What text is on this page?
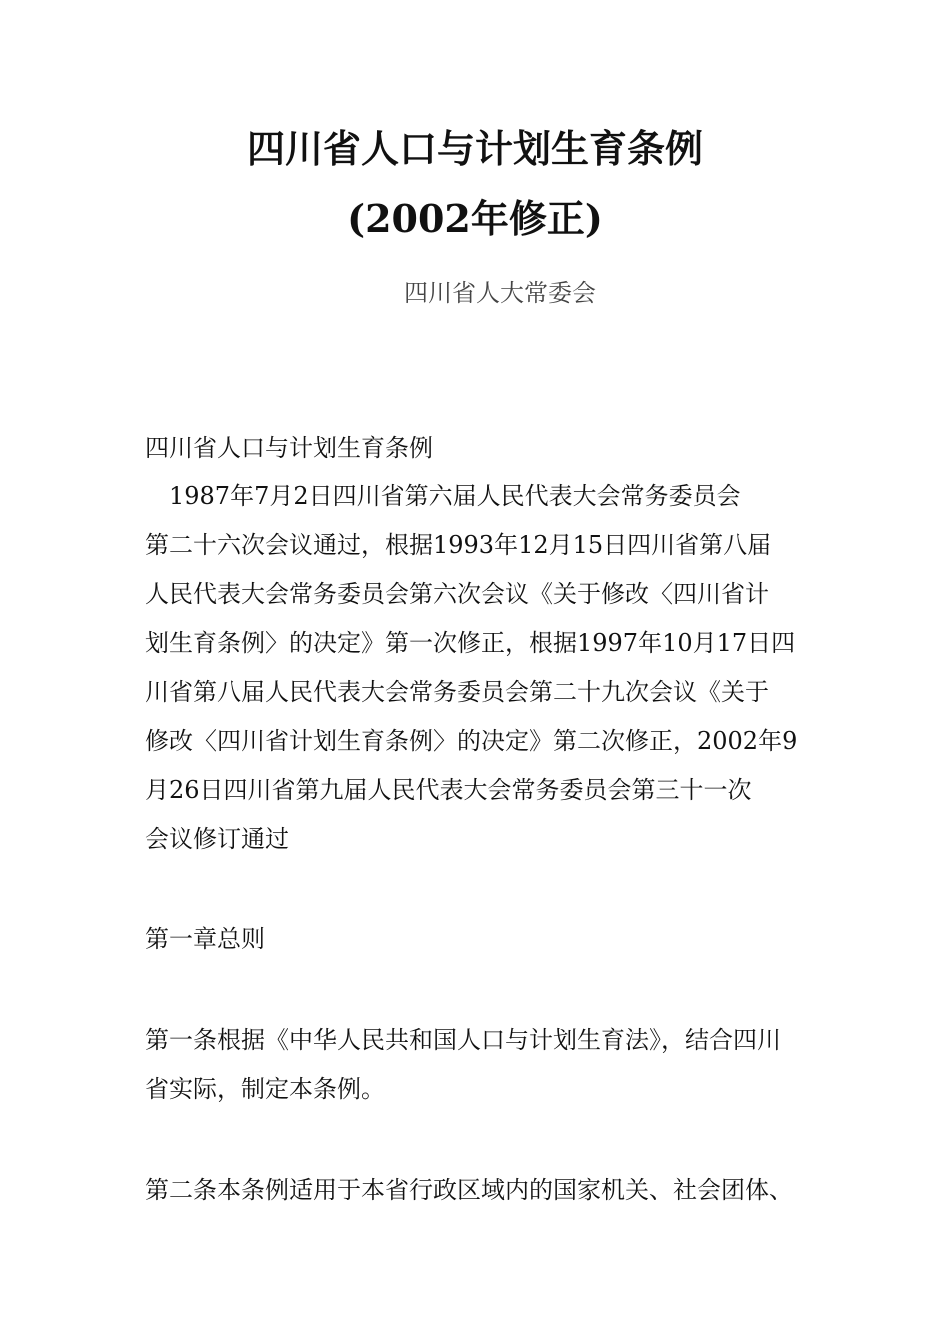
四川省人口与计划生育条例
(2002年修正)

四川省人大常委会

四川省人口与计划生育条例

　1987年7月2日四川省第六届人民代表大会常务委员会
第二十六次会议通过，根据1993年12月15日四川省第八届
人民代表大会常务委员会第六次会议《关于修改〈四川省计
划生育条例〉的决定》第一次修正，根据1997年10月17日四
川省第八届人民代表大会常务委员会第二十九次会议《关于
修改〈四川省计划生育条例〉的决定》第二次修正，2002年9
月26日四川省第九届人民代表大会常务委员会第三十一次
会议修订通过

第一章总则

第一条根据《中华人民共和国人口与计划生育法》，结合四川
省实际，制定本条例。
第二条本条例适用于本省行政区域内的国家机关、社会团体、
